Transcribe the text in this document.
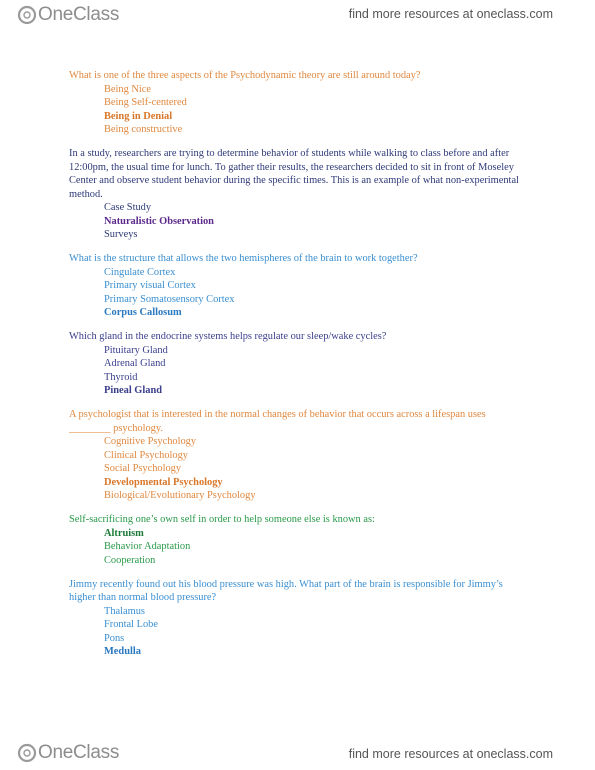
OneClass	find more resources at oneclass.com

What is one of the three aspects of the Psychodynamic theory are still around today?

Being Nice

Being Self-centered

Being in Denial

Being constructive

In a study, researchers are trying to determine behavior of students while walking to class before and after 12:00pm, the usual time for lunch. To gather their results, the researchers decided to sit in front of Moseley Center and observe student behavior during the specific times. This is an example of what non-experimental method.

Case Study

Naturalistic Observation

Surveys

What is the structure that allows the two hemispheres of the brain to work together?

Cingulate Cortex

Primary visual Cortex

Primary Somatosensory Cortex

Corpus Callosum

Which gland in the endocrine systems helps regulate our sleep/wake cycles?

Pituitary Gland

Adrenal Gland

Thyroid

Pineal Gland

A psychologist that is interested in the normal changes of behavior that occurs across a lifespan uses ________ psychology.

Cognitive Psychology

Clinical Psychology

Social Psychology

Developmental Psychology

Biological/Evolutionary Psychology

Self-sacrificing one’s own self in order to help someone else is known as:

Altruism

Behavior Adaptation

Cooperation

Jimmy recently found out his blood pressure was high. What part of the brain is responsible for Jimmy’s higher than normal blood pressure?

Thalamus

Frontal Lobe

Pons

Medulla

OneClass	find more resources at oneclass.com
